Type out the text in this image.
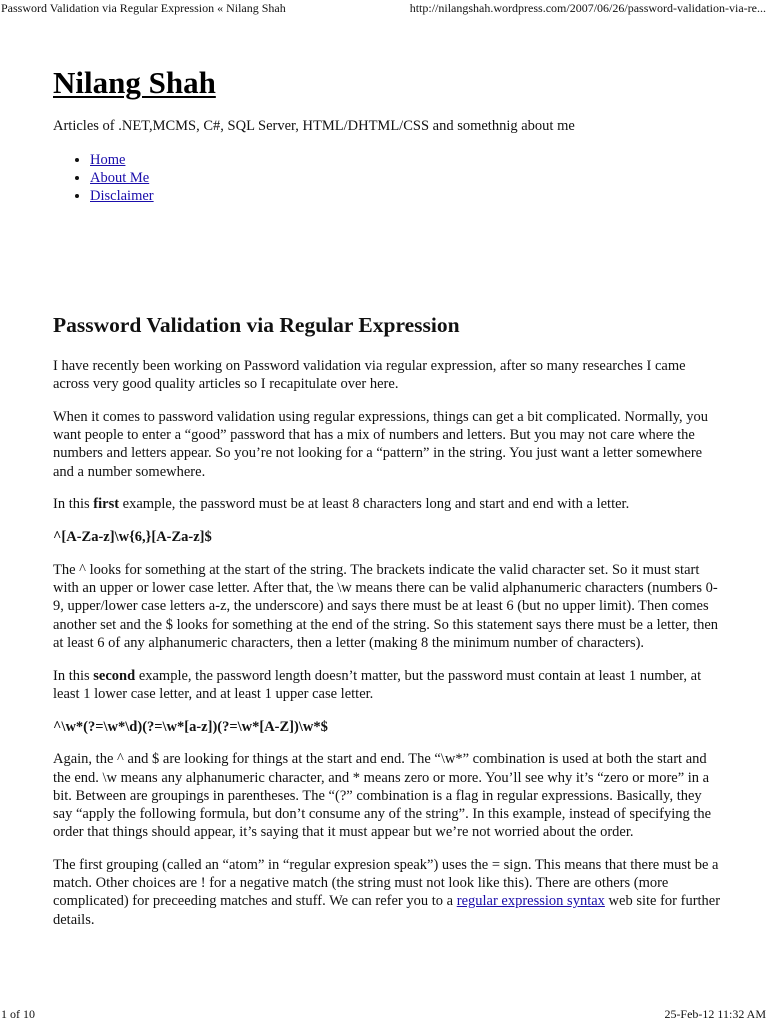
Password Validation via Regular Expression « Nilang Shah	http://nilangshah.wordpress.com/2007/06/26/password-validation-via-re...
Nilang Shah

Articles of .NET,MCMS, C#, SQL Server, HTML/DHTML/CSS and somethnig about me

• Home
• About Me
• Disclaimer
Password Validation via Regular Expression

I have recently been working on Password validation via regular expression, after so many researches I came across very good quality articles so I recapitulate over here.

When it comes to password validation using regular expressions, things can get a bit complicated. Normally, you want people to enter a “good” password that has a mix of numbers and letters. But you may not care where the numbers and letters appear. So you’re not looking for a “pattern” in the string. You just want a letter somewhere and a number somewhere.

In this first example, the password must be at least 8 characters long and start and end with a letter.

^[A-Za-z]\w{6,}[A-Za-z]$

The ^ looks for something at the start of the string. The brackets indicate the valid character set. So it must start with an upper or lower case letter. After that, the \w means there can be valid alphanumeric characters (numbers 0-9, upper/lower case letters a-z, the underscore) and says there must be at least 6 (but no upper limit). Then comes another set and the $ looks for something at the end of the string. So this statement says there must be a letter, then at least 6 of any alphanumeric characters, then a letter (making 8 the minimum number of characters).

In this second example, the password length doesn’t matter, but the password must contain at least 1 number, at least 1 lower case letter, and at least 1 upper case letter.

^\w*(?=\w*\d)(?=\w*[a-z])(?=\w*[A-Z])\w*$

Again, the ^ and $ are looking for things at the start and end. The “\w*” combination is used at both the start and the end. \w means any alphanumeric character, and * means zero or more. You’ll see why it’s “zero or more” in a bit. Between are groupings in parentheses. The “(?” combination is a flag in regular expressions. Basically, they say “apply the following formula, but don’t consume any of the string”. In this example, instead of specifying the order that things should appear, it’s saying that it must appear but we’re not worried about the order.

The first grouping (called an “atom” in “regular expresion speak”) uses the = sign. This means that there must be a match. Other choices are ! for a negative match (the string must not look like this). There are others (more complicated) for preceeding matches and stuff. We can refer you to a regular expression syntax web site for further details.

1 of 10	25-Feb-12 11:32 AM
